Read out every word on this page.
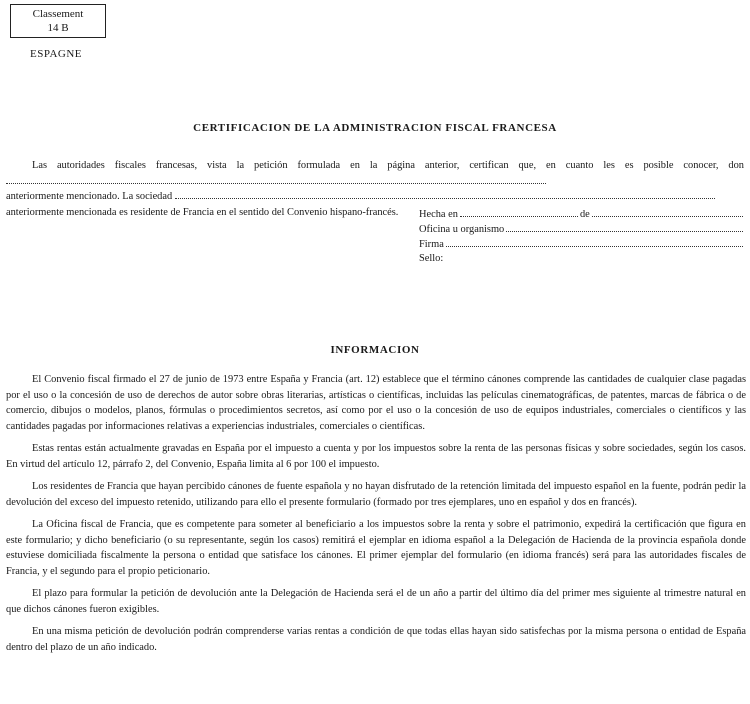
Classement
14 B
ESPAGNE
CERTIFICACION DE LA ADMINISTRACION FISCAL FRANCESA

Las autoridades fiscales francesas, vista la petición formulada en la página anterior, certifican que, en cuanto les es posible conocer, don

anteriormente mencionado. La sociedad

anteriormente mencionada es residente de Francia en el sentido del Convenio hispano-francés.	Hecha en	de
Oficina u organismo
Firma
Sello:
INFORMACION

El Convenio fiscal firmado el 27 de junio de 1973 entre España y Francia (art. 12) establece que el término cánones comprende las cantidades de cualquier clase pagadas por el uso o la concesión de uso de derechos de autor sobre obras literarias, artísticas o científicas, incluidas las películas cinematográficas, de patentes, marcas de fábrica o de comercio, dibujos o modelos, planos, fórmulas o procedimientos secretos, así como por el uso o la concesión de uso de equipos industriales, comerciales o científicos y las cantidades pagadas por informaciones relativas a experiencias industriales, comerciales o científicas.

Estas rentas están actualmente gravadas en España por el impuesto a cuenta y por los impuestos sobre la renta de las personas físicas y sobre sociedades, según los casos. En virtud del artículo 12, párrafo 2, del Convenio, España limita al 6 por 100 el impuesto.

Los residentes de Francia que hayan percibido cánones de fuente española y no hayan disfrutado de la retención limitada del impuesto español en la fuente, podrán pedir la devolución del exceso del impuesto retenido, utilizando para ello el presente formulario (formado por tres ejemplares, uno en español y dos en francés).

La Oficina fiscal de Francia, que es competente para someter al beneficiario a los impuestos sobre la renta y sobre el patrimonio, expedirá la certificación que figura en este formulario; y dicho beneficiario (o su representante, según los casos) remitirá el ejemplar en idioma español a la Delegación de Hacienda de la provincia española donde estuviese domiciliada fiscalmente la persona o entidad que satisface los cánones. El primer ejemplar del formulario (en idioma francés) será para las autoridades fiscales de Francia, y el segundo para el propio peticionario.

El plazo para formular la petición de devolución ante la Delegación de Hacienda será el de un año a partir del último día del primer mes siguiente al trimestre natural en que dichos cánones fueron exigibles.

En una misma petición de devolución podrán comprenderse varias rentas a condición de que todas ellas hayan sido satisfechas por la misma persona o entidad de España dentro del plazo de un año indicado.
